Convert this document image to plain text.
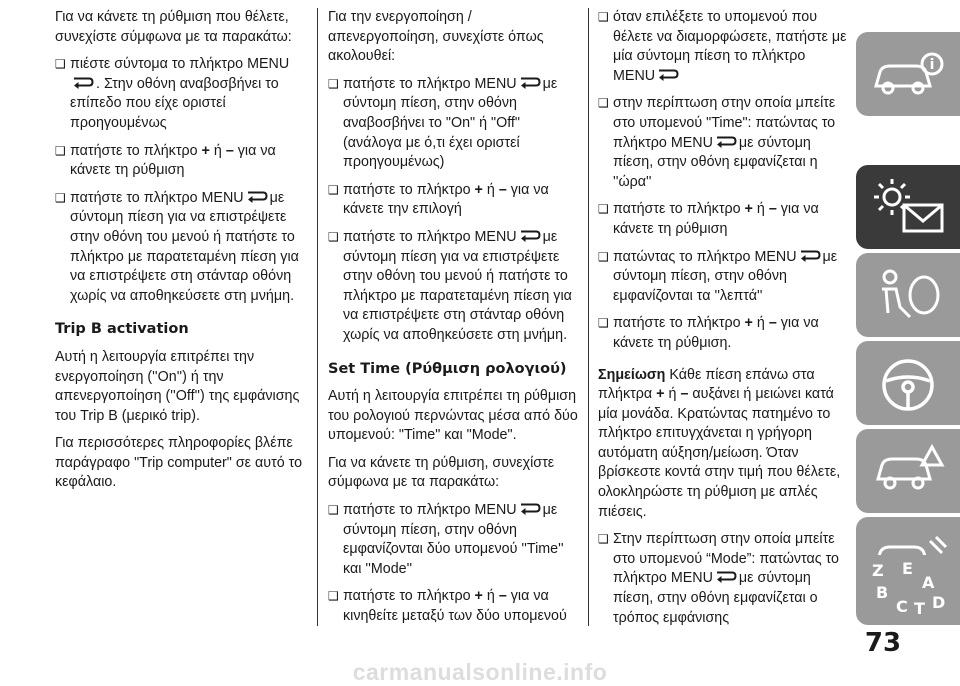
Για να κάνετε τη ρύθμιση που θέλετε, συνεχίστε σύμφωνα με τα παρακάτω:
❑ πιέστε σύντομα το πλήκτρο MENU
. Στην οθόνη αναβοσβήνει το επίπεδο που είχε οριστεί προηγουμένως
❑ πατήστε το πλήκτρο + ή – για να κάνετε τη ρύθμιση
❑ πατήστε το πλήκτρο MENU με σύντομη πίεση για να επιστρέψετε στην οθόνη του μενού ή πατήστε το πλήκτρο με παρατεταμένη πίεση για να επιστρέψετε στη στάνταρ οθόνη χωρίς να αποθηκεύσετε στη μνήμη.
Trip B activation
Αυτή η λειτουργία επιτρέπει την ενεργοποίηση (''On'') ή την απενεργοποίηση (''Off'') της εμφάνισης του Trip B (μερικό trip).
Για περισσότερες πληροφορίες βλέπε παράγραφο "Trip computer" σε αυτό το κεφάλαιο.
Για την ενεργοποίηση / απενεργοποίηση, συνεχίστε όπως ακολουθεί:
❑ πατήστε το πλήκτρο MENU με σύντομη πίεση, στην οθόνη αναβοσβήνει το "On" ή "Off" (ανάλογα με ό,τι έχει οριστεί προηγουμένως)
❑ πατήστε το πλήκτρο + ή – για να κάνετε την επιλογή
❑ πατήστε το πλήκτρο MENU με σύντομη πίεση για να επιστρέψετε στην οθόνη του μενού ή πατήστε το πλήκτρο με παρατεταμένη πίεση για να επιστρέψετε στη στάνταρ οθόνη χωρίς να αποθηκεύσετε στη μνήμη.
Set Time (Ρύθμιση ρολογιού)
Αυτή η λειτουργία επιτρέπει τη ρύθμιση του ρολογιού περνώντας μέσα από δύο υπομενού: "Time" και "Mode".
Για να κάνετε τη ρύθμιση, συνεχίστε σύμφωνα με τα παρακάτω:
❑ πατήστε το πλήκτρο MENU με σύντομη πίεση, στην οθόνη εμφανίζονται δύο υπομενού ''Time'' και ''Mode''
❑ πατήστε το πλήκτρο + ή – για να κινηθείτε μεταξύ των δύο υπομενού
❑ όταν επιλέξετε το υπομενού που θέλετε να διαμορφώσετε, πατήστε με μία σύντομη πίεση το πλήκτρο MENU
❑ στην περίπτωση στην οποία μπείτε στο υπομενού "Time": πατώντας το πλήκτρο MENU με σύντομη πίεση, στην οθόνη εμφανίζεται η ''ώρα''
❑ πατήστε το πλήκτρο + ή – για να κάνετε τη ρύθμιση
❑ πατώντας το πλήκτρο MENU με σύντομη πίεση, στην οθόνη εμφανίζονται τα ''λεπτά''
❑ πατήστε το πλήκτρο + ή – για να κάνετε τη ρύθμιση.
Σημείωση Κάθε πίεση επάνω στα πλήκτρα + ή – αυξάνει ή μειώνει κατά μία μονάδα. Κρατώντας πατημένο το πλήκτρο επιτυγχάνεται η γρήγορη αυτόματη αύξηση/μείωση. Όταν βρίσκεστε κοντά στην τιμή που θέλετε, ολοκληρώστε τη ρύθμιση με απλές πιέσεις.
❑ Στην περίπτωση στην οποία μπείτε στο υπομενού “Mode”: πατώντας το πλήκτρο MENU με σύντομη πίεση, στην οθόνη εμφανίζεται ο τρόπος εμφάνισης
i
Z E
A
B
C T D
73
carmanualsonline.info
